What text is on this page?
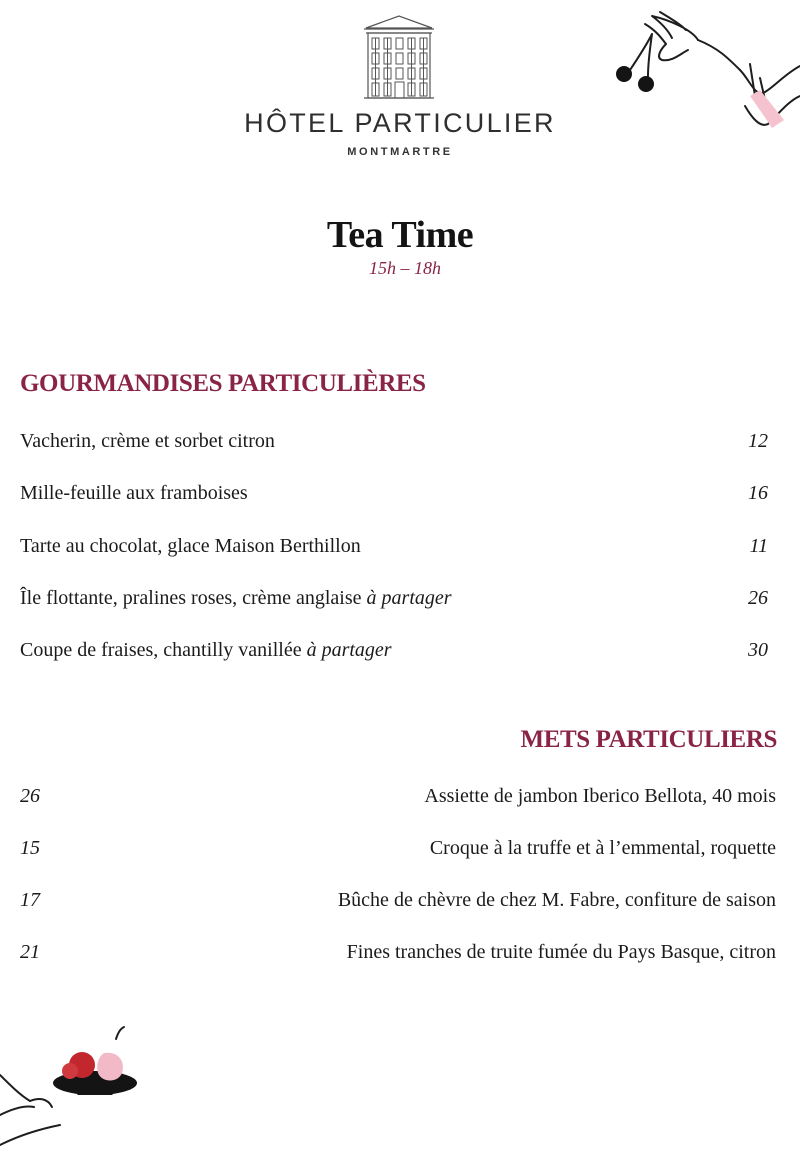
HÔTEL PARTICULIER
MONTMARTRE
Tea Time
15h – 18h
GOURMANDISES PARTICULIÈRES
Vacherin, crème et sorbet citron	12
Mille-feuille aux framboises	16
Tarte au chocolat, glace Maison Berthillon	11
Île flottante, pralines roses, crème anglaise à partager	26
Coupe de fraises, chantilly vanillée à partager	30
METS PARTICULIERS
26	Assiette de jambon Iberico Bellota, 40 mois
15	Croque à la truffe et à l’emmental, roquette
17	Bûche de chèvre de chez M. Fabre, confiture de saison
21	Fines tranches de truite fumée du Pays Basque, citron
